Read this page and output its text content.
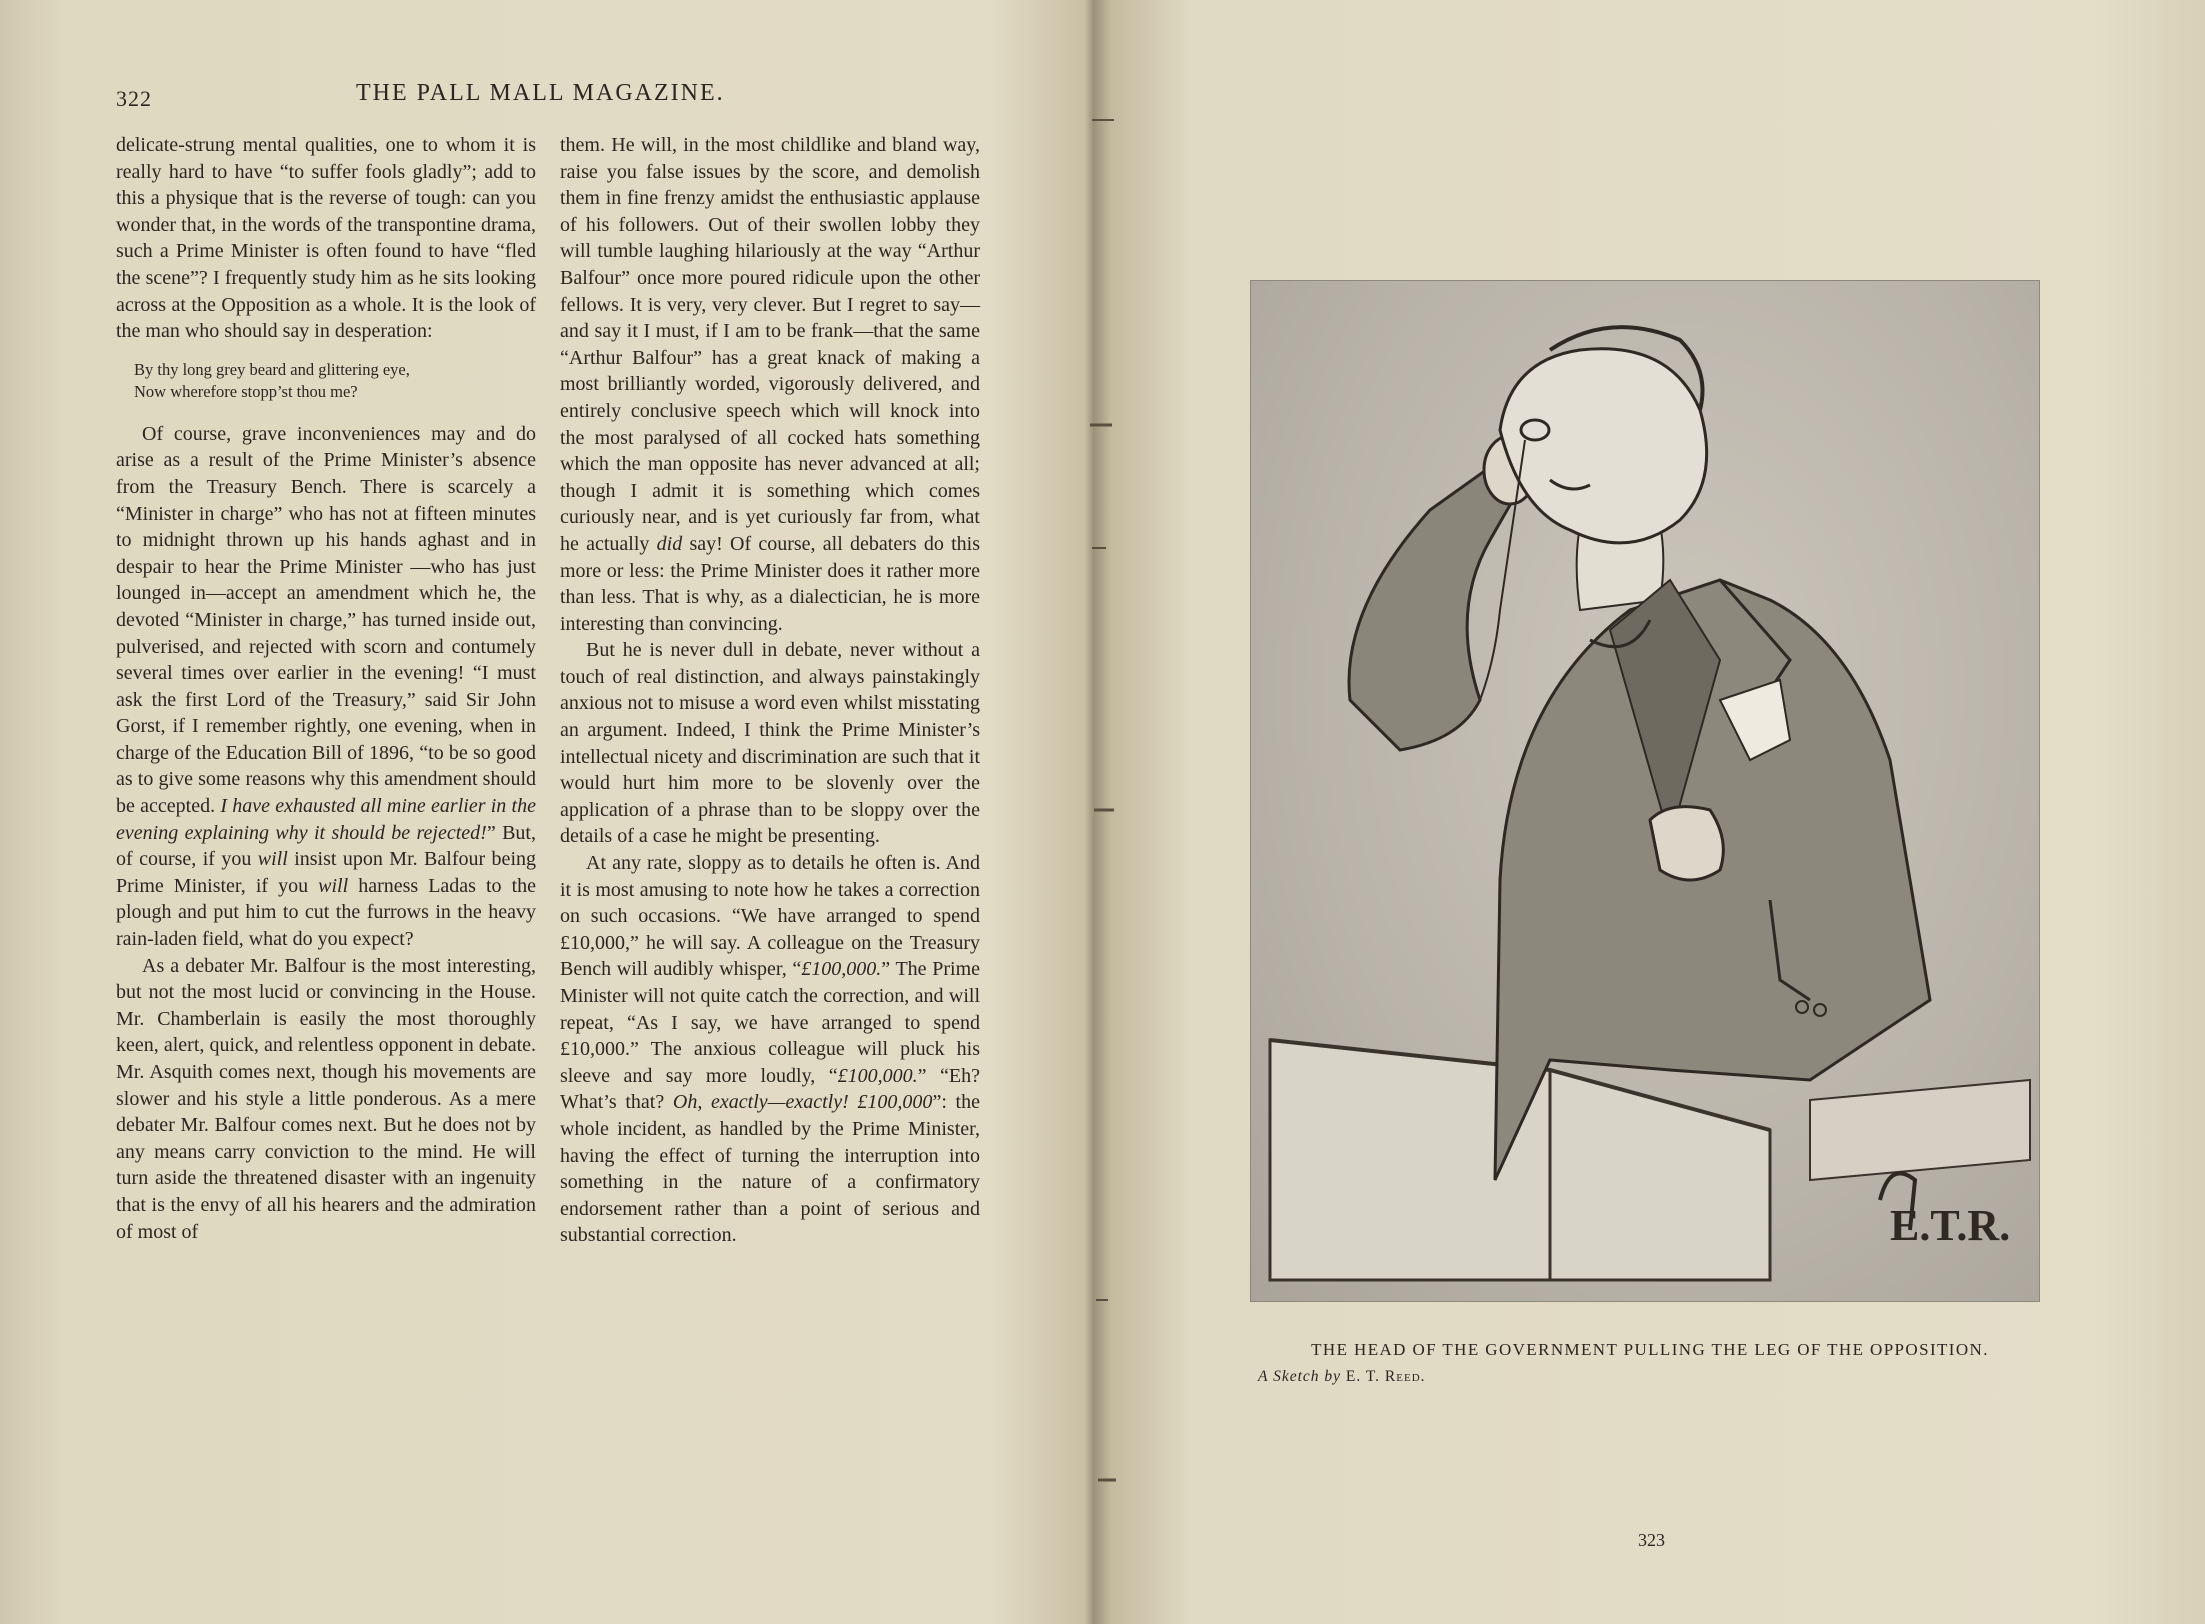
322	THE PALL MALL MAGAZINE.

delicate-strung mental qualities, one to whom it is really hard to have “to suffer fools gladly”; add to this a physique that is the reverse of tough: can you wonder that, in the words of the transpontine drama, such a Prime Minister is often found to have “fled the scene”? I frequently study him as he sits looking across at the Opposition as a whole. It is the look of the man who should say in desperation:

By thy long grey beard and glittering eye,
Now wherefore stopp’st thou me?

Of course, grave inconveniences may and do arise as a result of the Prime Minister’s absence from the Treasury Bench. There is scarcely a “Minister in charge” who has not at fifteen minutes to midnight thrown up his hands aghast and in despair to hear the Prime Minister —who has just lounged in—accept an amendment which he, the devoted “Minister in charge,” has turned inside out, pulverised, and rejected with scorn and contumely several times over earlier in the evening! “I must ask the first Lord of the Treasury,” said Sir John Gorst, if I remember rightly, one evening, when in charge of the Education Bill of 1896, “to be so good as to give some reasons why this amendment should be accepted. I have exhausted all mine earlier in the evening explaining why it should be rejected!” But, of course, if you will insist upon Mr. Balfour being Prime Minister, if you will harness Ladas to the plough and put him to cut the furrows in the heavy rain-laden field, what do you expect?

As a debater Mr. Balfour is the most interesting, but not the most lucid or convincing in the House. Mr. Chamberlain is easily the most thoroughly keen, alert, quick, and relentless opponent in debate. Mr. Asquith comes next, though his movements are slower and his style a little ponderous. As a mere debater Mr. Balfour comes next. But he does not by any means carry conviction to the mind. He will turn aside the threatened disaster with an ingenuity that is the envy of all his hearers and the admiration of most of

them. He will, in the most childlike and bland way, raise you false issues by the score, and demolish them in fine frenzy amidst the enthusiastic applause of his followers. Out of their swollen lobby they will tumble laughing hilariously at the way “Arthur Balfour” once more poured ridicule upon the other fellows. It is very, very clever. But I regret to say—and say it I must, if I am to be frank—that the same “Arthur Balfour” has a great knack of making a most brilliantly worded, vigorously delivered, and entirely conclusive speech which will knock into the most paralysed of all cocked hats something which the man opposite has never advanced at all; though I admit it is something which comes curiously near, and is yet curiously far from, what he actually did say! Of course, all debaters do this more or less: the Prime Minister does it rather more than less. That is why, as a dialectician, he is more interesting than convincing.

But he is never dull in debate, never without a touch of real distinction, and always painstakingly anxious not to misuse a word even whilst misstating an argument. Indeed, I think the Prime Minister’s intellectual nicety and discrimination are such that it would hurt him more to be slovenly over the application of a phrase than to be sloppy over the details of a case he might be presenting.

At any rate, sloppy as to details he often is. And it is most amusing to note how he takes a correction on such occasions. “We have arranged to spend £10,000,” he will say. A colleague on the Treasury Bench will audibly whisper, “£100,000.” The Prime Minister will not quite catch the correction, and will repeat, “As I say, we have arranged to spend £10,000.” The anxious colleague will pluck his sleeve and say more loudly, “£100,000.” “Eh? What’s that? Oh, exactly—exactly! £100,000”: the whole incident, as handled by the Prime Minister, having the effect of turning the interruption into something in the nature of a confirmatory endorsement rather than a point of serious and substantial correction.	E.T.R.
THE HEAD OF THE GOVERNMENT PULLING THE LEG OF THE OPPOSITION.
A Sketch by E. T. Reed.
323
